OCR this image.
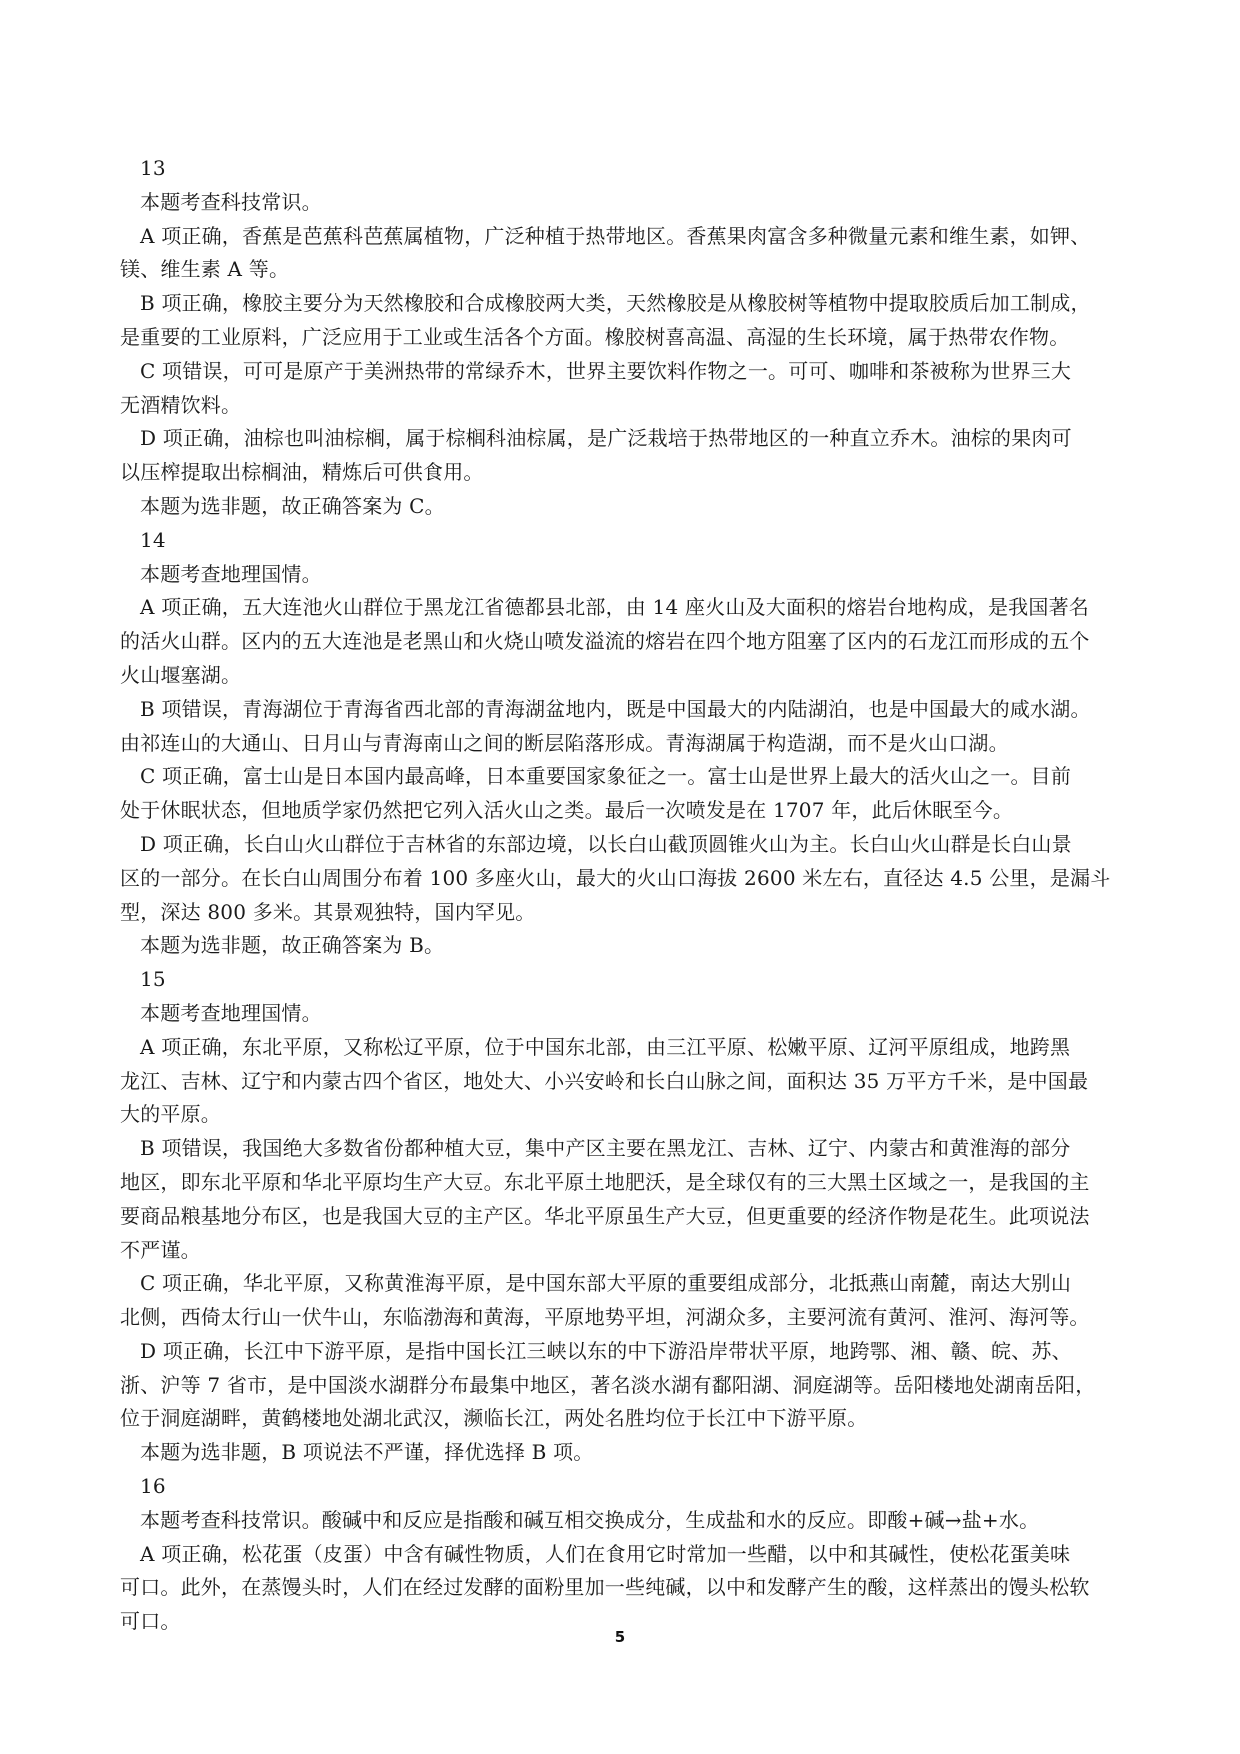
13
本题考查科技常识。
A 项正确，香蕉是芭蕉科芭蕉属植物，广泛种植于热带地区。香蕉果肉富含多种微量元素和维生素，如钾、
镁、维生素 A 等。
B 项正确，橡胶主要分为天然橡胶和合成橡胶两大类，天然橡胶是从橡胶树等植物中提取胶质后加工制成，
是重要的工业原料，广泛应用于工业或生活各个方面。橡胶树喜高温、高湿的生长环境，属于热带农作物。
C 项错误，可可是原产于美洲热带的常绿乔木，世界主要饮料作物之一。可可、咖啡和茶被称为世界三大
无酒精饮料。
D 项正确，油棕也叫油棕榈，属于棕榈科油棕属，是广泛栽培于热带地区的一种直立乔木。油棕的果肉可
以压榨提取出棕榈油，精炼后可供食用。
本题为选非题，故正确答案为 C。
14
本题考查地理国情。
A 项正确，五大连池火山群位于黑龙江省德都县北部，由 14 座火山及大面积的熔岩台地构成，是我国著名
的活火山群。区内的五大连池是老黑山和火烧山喷发溢流的熔岩在四个地方阻塞了区内的石龙江而形成的五个
火山堰塞湖。
B 项错误，青海湖位于青海省西北部的青海湖盆地内，既是中国最大的内陆湖泊，也是中国最大的咸水湖。
由祁连山的大通山、日月山与青海南山之间的断层陷落形成。青海湖属于构造湖，而不是火山口湖。
C 项正确，富士山是日本国内最高峰，日本重要国家象征之一。富士山是世界上最大的活火山之一。目前
处于休眠状态，但地质学家仍然把它列入活火山之类。最后一次喷发是在 1707 年，此后休眠至今。
D 项正确，长白山火山群位于吉林省的东部边境，以长白山截顶圆锥火山为主。长白山火山群是长白山景
区的一部分。在长白山周围分布着 100 多座火山，最大的火山口海拔 2600 米左右，直径达 4.5 公里，是漏斗
型，深达 800 多米。其景观独特，国内罕见。
本题为选非题，故正确答案为 B。
15
本题考查地理国情。
A 项正确，东北平原，又称松辽平原，位于中国东北部，由三江平原、松嫩平原、辽河平原组成，地跨黑
龙江、吉林、辽宁和内蒙古四个省区，地处大、小兴安岭和长白山脉之间，面积达 35 万平方千米，是中国最
大的平原。
B 项错误，我国绝大多数省份都种植大豆，集中产区主要在黑龙江、吉林、辽宁、内蒙古和黄淮海的部分
地区，即东北平原和华北平原均生产大豆。东北平原土地肥沃，是全球仅有的三大黑土区域之一，是我国的主
要商品粮基地分布区，也是我国大豆的主产区。华北平原虽生产大豆，但更重要的经济作物是花生。此项说法
不严谨。
C 项正确，华北平原，又称黄淮海平原，是中国东部大平原的重要组成部分，北抵燕山南麓，南达大别山
北侧，西倚太行山一伏牛山，东临渤海和黄海，平原地势平坦，河湖众多，主要河流有黄河、淮河、海河等。
D 项正确，长江中下游平原，是指中国长江三峡以东的中下游沿岸带状平原，地跨鄂、湘、赣、皖、苏、
浙、沪等 7 省市，是中国淡水湖群分布最集中地区，著名淡水湖有鄱阳湖、洞庭湖等。岳阳楼地处湖南岳阳，
位于洞庭湖畔，黄鹤楼地处湖北武汉，濒临长江，两处名胜均位于长江中下游平原。
本题为选非题，B 项说法不严谨，择优选择 B 项。
16
本题考查科技常识。酸碱中和反应是指酸和碱互相交换成分，生成盐和水的反应。即酸+碱→盐+水。
A 项正确，松花蛋（皮蛋）中含有碱性物质，人们在食用它时常加一些醋，以中和其碱性，使松花蛋美味
可口。此外，在蒸馒头时，人们在经过发酵的面粉里加一些纯碱，以中和发酵产生的酸，这样蒸出的馒头松软
可口。
5
